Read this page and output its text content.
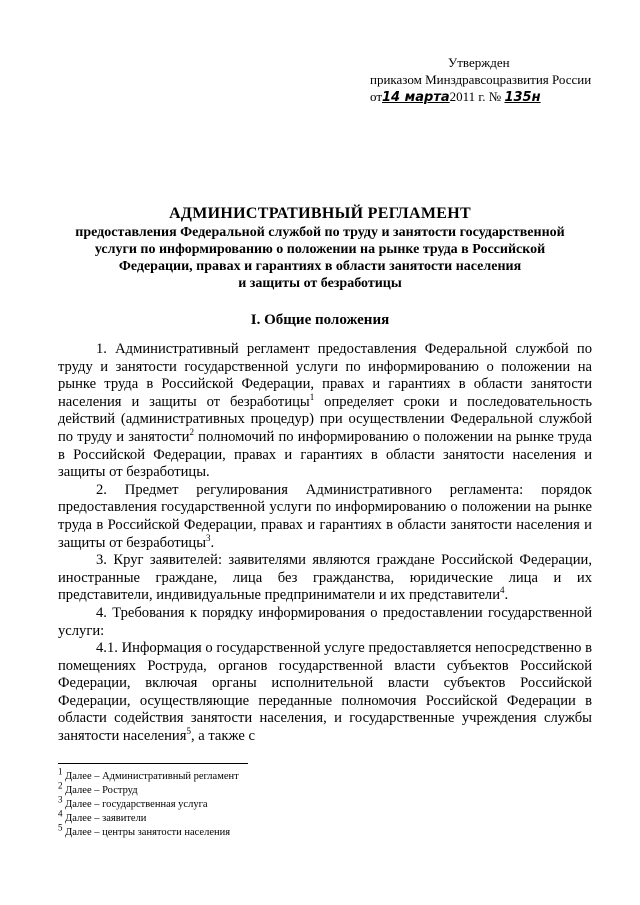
Утвержден
приказом Минздравсоцразвития России
от14 марта2011 г. № 135н
АДМИНИСТРАТИВНЫЙ РЕГЛАМЕНТ
предоставления Федеральной службой по труду и занятости государственной
услуги по информированию о положении на рынке труда в Российской
Федерации, правах и гарантиях в области занятости населения
и защиты от безработицы
I. Общие положения

1. Административный регламент предоставления Федеральной службой по труду и занятости государственной услуги по информированию о положении на рынке труда в Российской Федерации, правах и гарантиях в области занятости населения и защиты от безработицы$^1$ определяет сроки и последовательность действий (административных процедур) при осуществлении Федеральной службой по труду и занятости$^2$ полномочий по информированию о положении на рынке труда в Российской Федерации, правах и гарантиях в области занятости населения и защиты от безработицы.

2. Предмет регулирования Административного регламента: порядок предоставления государственной услуги по информированию о положении на рынке труда в Российской Федерации, правах и гарантиях в области занятости населения и защиты от безработицы$^3$.

3. Круг заявителей: заявителями являются граждане Российской Федерации, иностранные граждане, лица без гражданства, юридические лица и их представители, индивидуальные предприниматели и их представители$^4$.

4. Требования к порядку информирования о предоставлении государственной услуги:

4.1. Информация о государственной услуге предоставляется непосредственно в помещениях Роструда, органов государственной власти субъектов Российской Федерации, включая органы исполнительной власти субъектов Российской Федерации, осуществляющие переданные полномочия Российской Федерации в области содействия занятости населения, и государственные учреждения службы занятости населения$^5$, а также с

$^1$ Далее – Административный регламент
$^2$ Далее – Роструд
$^3$ Далее – государственная услуга
$^4$ Далее – заявители
$^5$ Далее – центры занятости населения
